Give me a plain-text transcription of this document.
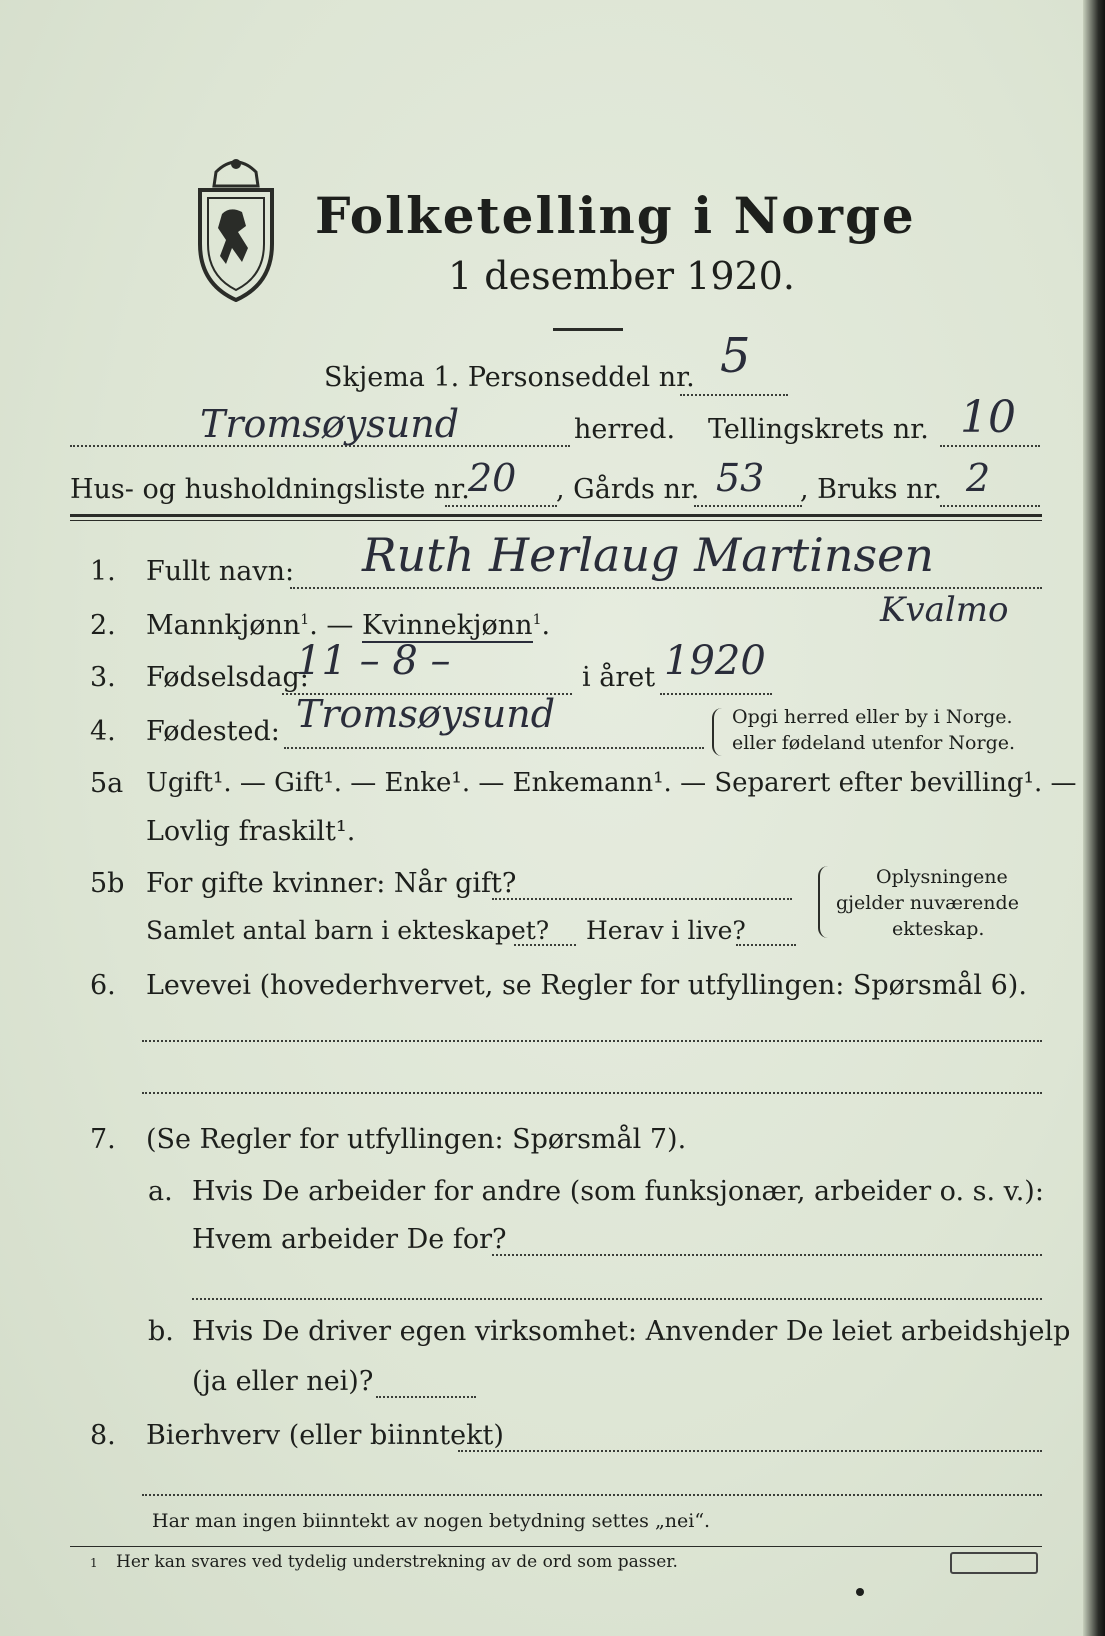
Folketelling i Norge
1 desember 1920.
Skjema 1. Personseddel nr. 5
Tromsøysund	herred. Tellingskrets nr. 10
Hus- og husholdningsliste nr.
20 , Gårds nr. 53 , Bruks nr. 2
1. Fullt navn: Ruth Herlaug Martinsen
Kvalmo
2. Mannkjønn$^1$. — Kvinnekjønn$^1$.
3. Fødselsdag:
11 – 8 –	i året 1920
4. Fødested: Tromsøysund	Opgi herred eller by i Norge.
eller fødeland utenfor Norge.
5a Ugift¹. — Gift¹. — Enke¹. — Enkemann¹. — Separert efter bevilling¹. —
Lovlig fraskilt¹.
5b For gifte kvinner: Når gift?
Samlet antal barn i ekteskapet? Herav i live?
Oplysningene
gjelder nuværende
ekteskap.
6. Levevei (hovederhvervet, se Regler for utfyllingen: Spørsmål 6).
7. (Se Regler for utfyllingen: Spørsmål 7).
a. Hvis De arbeider for andre (som funksjonær, arbeider o. s. v.):
Hvem arbeider De for?
b. Hvis De driver egen virksomhet: Anvender De leiet arbeidshjelp
(ja eller nei)?
8. Bierhverv (eller biinntekt)
Har man ingen biinntekt av nogen betydning settes „nei“.
1 Her kan svares ved tydelig understrekning av de ord som passer.
